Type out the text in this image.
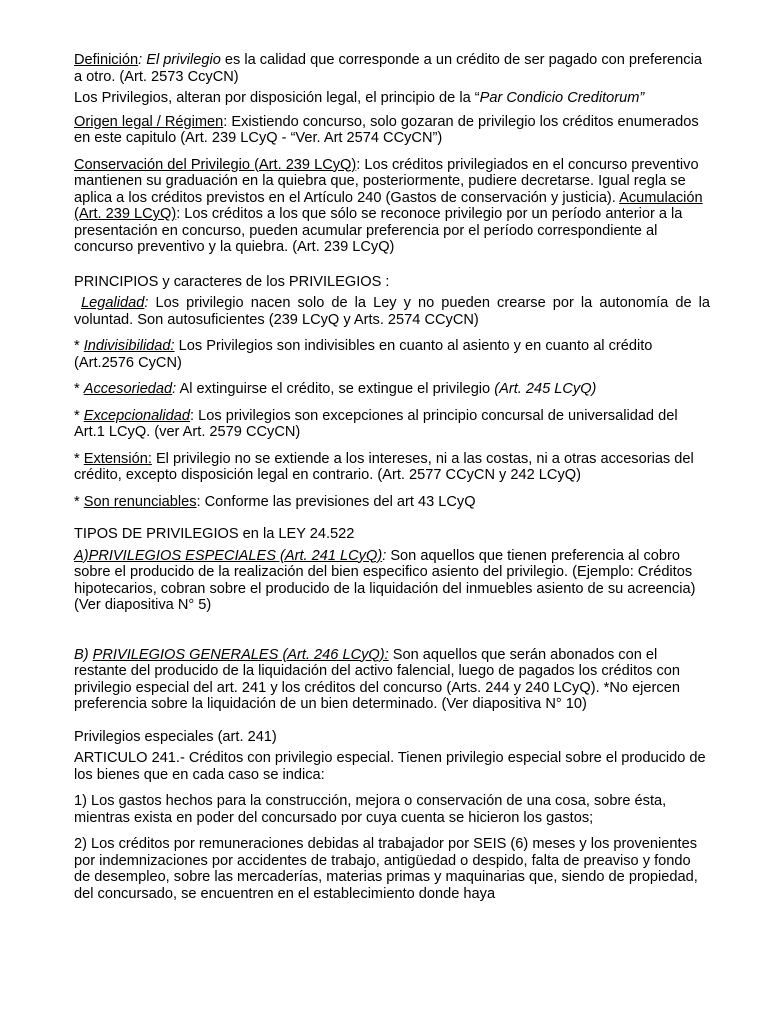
Definición: El privilegio es la calidad que corresponde a un crédito de ser pagado con preferencia a otro. (Art. 2573 CcyCN)

Los Privilegios, alteran por disposición legal, el principio de la “Par Condicio Creditorum”

Origen legal / Régimen: Existiendo concurso, solo gozaran de privilegio los créditos enumerados en este capitulo (Art. 239 LCyQ - “Ver. Art 2574 CCyCN”)

Conservación del Privilegio (Art. 239 LCyQ): Los créditos privilegiados en el concurso preventivo mantienen su graduación en la quiebra que, posteriormente, pudiere decretarse. Igual regla se aplica a los créditos previstos en el Artículo 240 (Gastos de conservación y justicia). Acumulación (Art. 239 LCyQ): Los créditos a los que sólo se reconoce privilegio por un período anterior a la presentación en concurso, pueden acumular preferencia por el período correspondiente al concurso preventivo y la quiebra. (Art. 239 LCyQ)

PRINCIPIOS y caracteres de los PRIVILEGIOS :

Legalidad: Los privilegio nacen solo de la Ley y no pueden crearse por la autonomía de la voluntad. Son autosuficientes (239 LCyQ y Arts. 2574 CCyCN)

* Indivisibilidad: Los Privilegios son indivisibles en cuanto al asiento y en cuanto al crédito (Art.2576 CyCN)

* Accesoriedad: Al extinguirse el crédito, se extingue el privilegio (Art. 245 LCyQ)

* Excepcionalidad: Los privilegios son excepciones al principio concursal de universalidad del Art.1 LCyQ. (ver Art. 2579 CCyCN)

* Extensión: El privilegio no se extiende a los intereses, ni a las costas, ni a otras accesorias del crédito, excepto disposición legal en contrario. (Art. 2577 CCyCN y 242 LCyQ)

* Son renunciables: Conforme las previsiones del art 43 LCyQ

TIPOS DE PRIVILEGIOS en la LEY 24.522

A)PRIVILEGIOS ESPECIALES (Art. 241 LCyQ): Son aquellos que tienen preferencia al cobro sobre el producido de la realización del bien especifico asiento del privilegio. (Ejemplo: Créditos hipotecarios, cobran sobre el producido de la liquidación del inmuebles asiento de su acreencia) (Ver diapositiva N° 5)

B) PRIVILEGIOS GENERALES (Art. 246 LCyQ): Son aquellos que serán abonados con el restante del producido de la liquidación del activo falencial, luego de pagados los créditos con privilegio especial del art. 241 y los créditos del concurso (Arts. 244 y 240 LCyQ). *No ejercen preferencia sobre la liquidación de un bien determinado. (Ver diapositiva N° 10)

Privilegios especiales (art. 241)

ARTICULO 241.- Créditos con privilegio especial. Tienen privilegio especial sobre el producido de los bienes que en cada caso se indica:

1) Los gastos hechos para la construcción, mejora o conservación de una cosa, sobre ésta, mientras exista en poder del concursado por cuya cuenta se hicieron los gastos;

2) Los créditos por remuneraciones debidas al trabajador por SEIS (6) meses y los provenientes por indemnizaciones por accidentes de trabajo, antigüedad o despido, falta de preaviso y fondo de desempleo, sobre las mercaderías, materias primas y maquinarias que, siendo de propiedad, del concursado, se encuentren en el establecimiento donde haya
